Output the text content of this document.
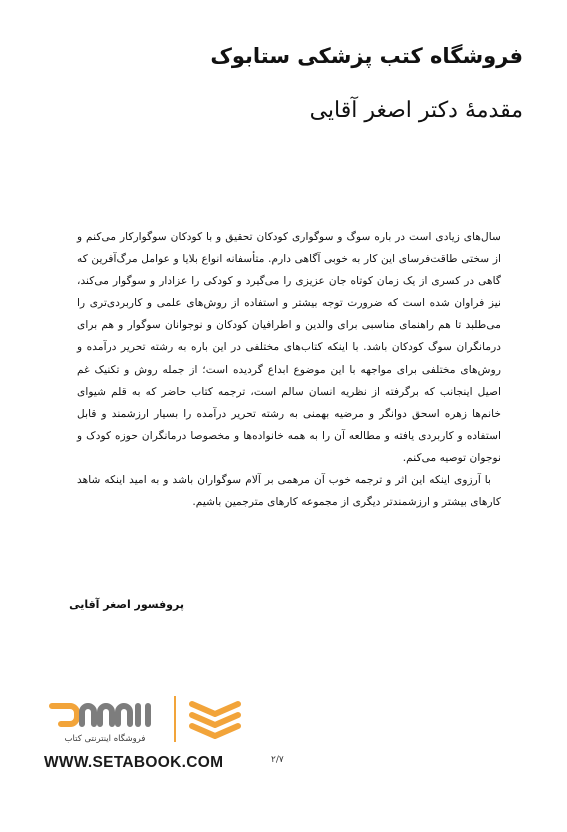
فروشگاه کتب پزشکی ستابوک
مقدمهٔ دکتر اصغر آقایی

سال‌های زیادی است در باره سوگ و سوگواری کودکان تحقیق و با کودکان سوگوارکار می‌کنم و از سختی طاقت‌فرسای این کار به خوبی آگاهی دارم. متأسفانه انواع بلایا و عوامل مرگ‌آفرین که گاهی در کسری از یک زمان کوتاه جان عزیزی را می‌گیرد و کودکی را عزادار و سوگوار می‌کند، نیز فراوان شده است که ضرورت توجه بیشتر و استفاده از روش‌های علمی و کاربردی‌تری را می‌طلبد تا هم راهنمای مناسبی برای والدین و اطرافیان کودکان و نوجوانان سوگوار و هم برای درمانگران سوگ کودکان باشد. با اینکه کتاب‌های مختلفی در این باره به رشته تحریر درآمده و روش‌های مختلفی برای مواجهه با این موضوع ابداع گردیده است؛ از جمله روش و تکنیک غم اصیل اینجانب که برگرفته از نظریه انسان سالم است، ترجمه کتاب حاضر که به قلم شیوای خانم‌ها زهره اسحق دوانگر و مرضیه بهمنی به رشته تحریر درآمده را بسیار ارزشمند و قابل استفاده و کاربردی یافته و مطالعه آن را به همه خانواده‌ها و مخصوصا درمانگران حوزه کودک و نوجوان توصیه می‌کنم.

با آرزوی اینکه این اثر و ترجمه خوب آن مرهمی بر آلام سوگواران باشد و به امید اینکه شاهد کارهای بیشتر و ارزشمندتر دیگری از مجموعه کارهای مترجمین باشیم.

پروفسور اصغر آقایی
فروشگاه اینترنتی کتاب
WWW.SETABOOK.COM	۲/۷
